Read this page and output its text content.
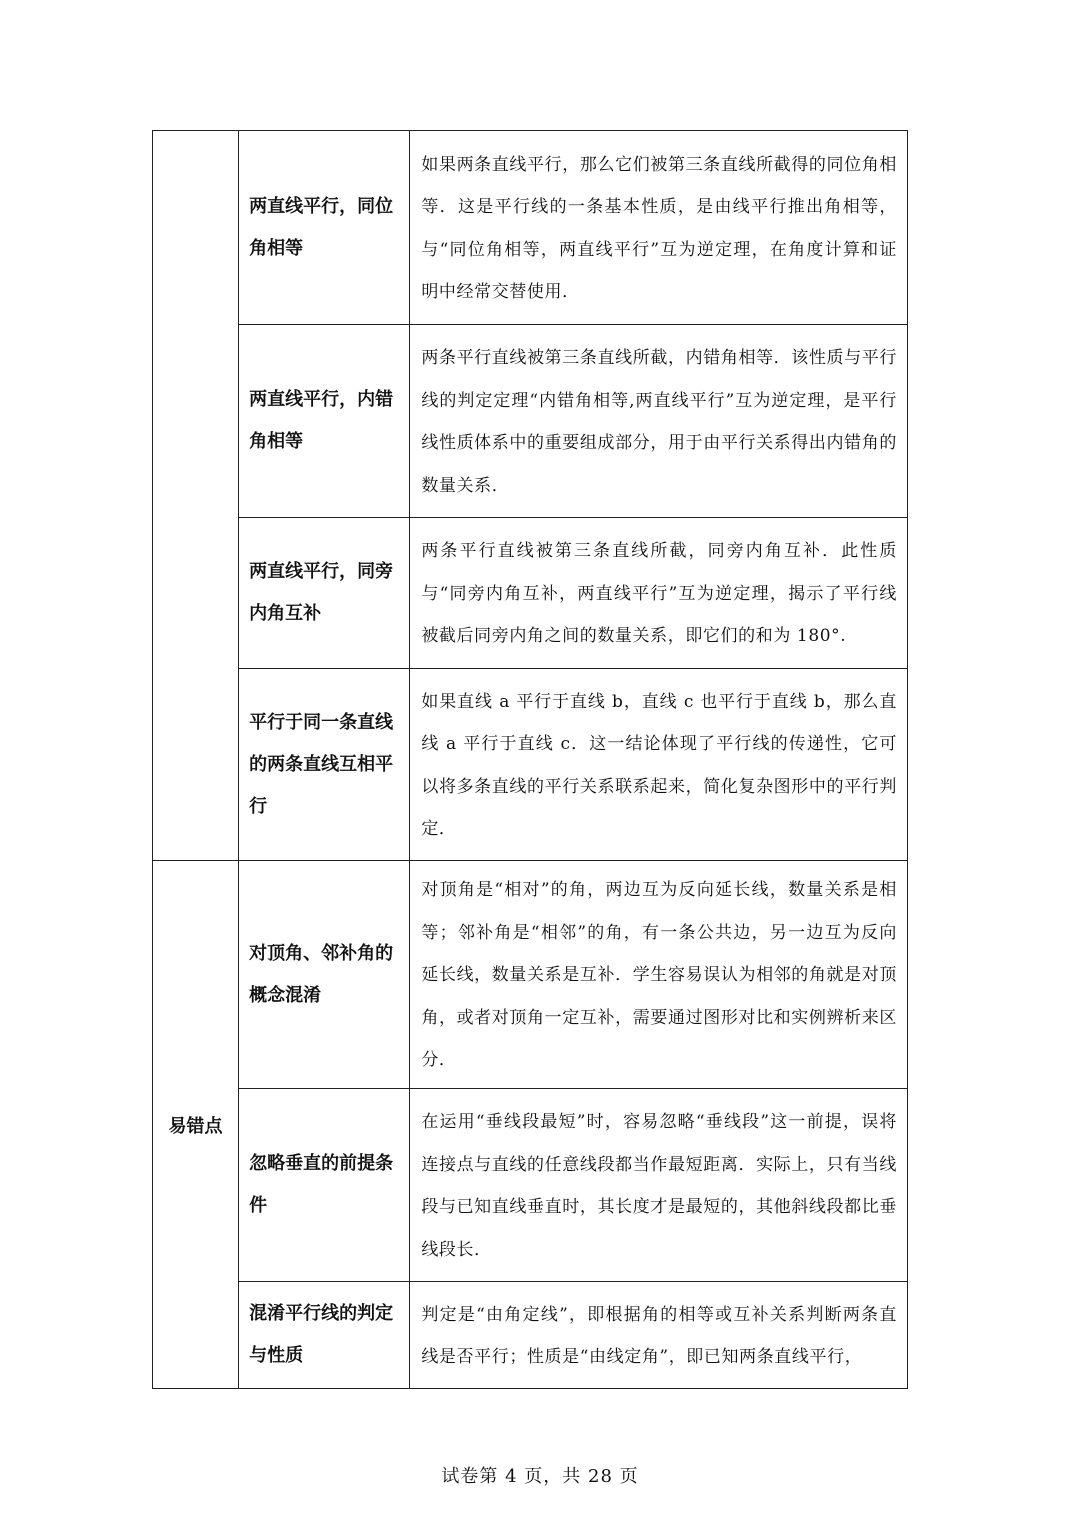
	两直线平行，同位角相等	如果两条直线平行，那么它们被第三条直线所截得的同位角相等．这是平行线的一条基本性质，是由线平行推出角相等，与“同位角相等，两直线平行”互为逆定理，在角度计算和证明中经常交替使用．
	两直线平行，内错角相等	两条平行直线被第三条直线所截，内错角相等．该性质与平行线的判定定理“内错角相等,两直线平行”互为逆定理，是平行线性质体系中的重要组成部分，用于由平行关系得出内错角的数量关系．
	两直线平行，同旁内角互补	两条平行直线被第三条直线所截，同旁内角互补．此性质与“同旁内角互补，两直线平行”互为逆定理，揭示了平行线被截后同旁内角之间的数量关系，即它们的和为 180°.
	平行于同一条直线的两条直线互相平行	如果直线 a 平行于直线 b，直线 c 也平行于直线 b，那么直线 a 平行于直线 c．这一结论体现了平行线的传递性，它可以将多条直线的平行关系联系起来，简化复杂图形中的平行判定．
易错点	对顶角、邻补角的概念混淆	对顶角是“相对”的角，两边互为反向延长线，数量关系是相等；邻补角是“相邻”的角，有一条公共边，另一边互为反向延长线，数量关系是互补．学生容易误认为相邻的角就是对顶角，或者对顶角一定互补，需要通过图形对比和实例辨析来区分．
	忽略垂直的前提条件	在运用“垂线段最短”时，容易忽略“垂线段”这一前提，误将连接点与直线的任意线段都当作最短距离．实际上，只有当线段与已知直线垂直时，其长度才是最短的，其他斜线段都比垂线段长．
	混淆平行线的判定与性质	判定是“由角定线”，即根据角的相等或互补关系判断两条直线是否平行；性质是“由线定角”，即已知两条直线平行，
试卷第 4 页，共 28 页
